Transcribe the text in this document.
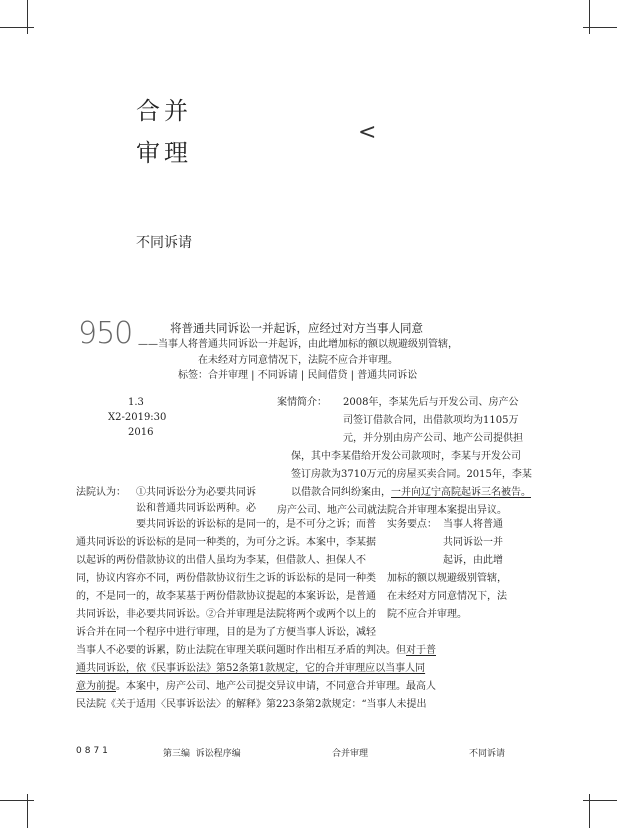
合并
审理
<
不同诉请
950	将普通共同诉讼一并起诉，应经过对方当事人同意
——当事人将普通共同诉讼一并起诉，由此增加标的额以规避级别管辖，
在未经对方同意情况下，法院不应合并审理。
标签：合并审理 | 不同诉请 | 民间借贷 | 普通共同诉讼
1.3
X2-2019:30
2016
案情简介： 2008年，李某先后与开发公司、房产公
司签订借款合同，出借款项均为1105万
元，并分别由房产公司、地产公司提供担
保，其中李某借给开发公司款项时，李某与开发公司
签订房款为3710万元的房屋买卖合同。2015年，李某
以借款合同纠纷案由，一并向辽宁高院起诉三名被告。
房产公司、地产公司就法院合并审理本案提出异议。
法院认为： ①共同诉讼分为必要共同诉
讼和普通共同诉讼两种。必
要共同诉讼的诉讼标的是同一的，是不可分之诉；而普
通共同诉讼的诉讼标的是同一种类的，为可分之诉。本案中，李某据
以起诉的两份借款协议的出借人虽均为李某，但借款人、担保人不
同，协议内容亦不同，两份借款协议衍生之诉的诉讼标的是同一种类
的，不是同一的，故李某基于两份借款协议提起的本案诉讼，是普通
共同诉讼，非必要共同诉讼。②合并审理是法院将两个或两个以上的
诉合并在同一个程序中进行审理，目的是为了方便当事人诉讼，减轻
当事人不必要的诉累，防止法院在审理关联问题时作出相互矛盾的判决。但对于普
通共同诉讼，依《民事诉讼法》第52条第1款规定，它的合并审理应以当事人同
意为前提。本案中，房产公司、地产公司提交异议申请，不同意合并审理。最高人
民法院《关于适用〈民事诉讼法〉的解释》第223条第2款规定：“当事人未提出
实务要点： 当事人将普通
共同诉讼一并
起诉，由此增
加标的额以规避级别管辖，
在未经对方同意情况下，法
院不应合并审理。
0871	第三编 诉讼程序编	合并审理	不同诉请
